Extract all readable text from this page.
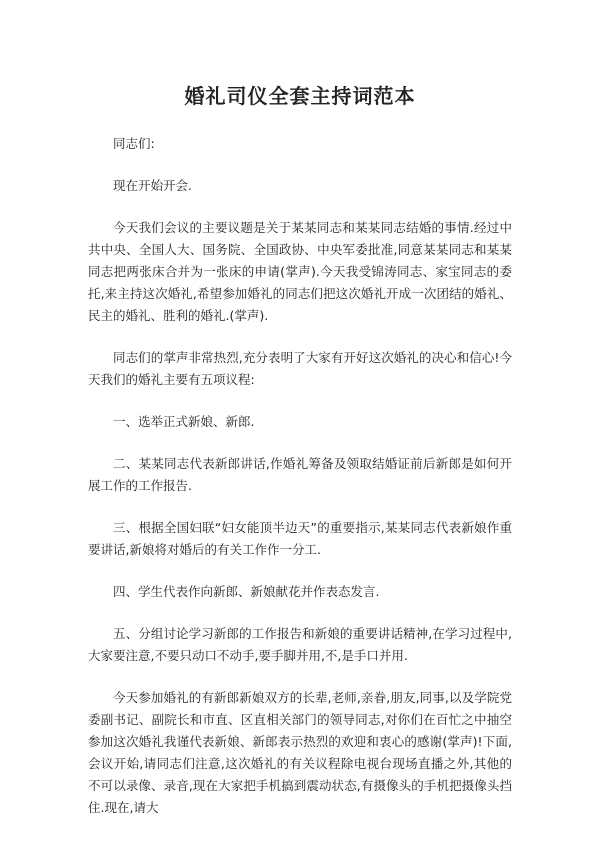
婚礼司仪全套主持词范本

同志们:

现在开始开会.

今天我们会议的主要议题是关于某某同志和某某同志结婚的事情.经过中共中央、全国人大、国务院、全国政协、中央军委批准,同意某某同志和某某同志把两张床合并为一张床的申请(掌声).今天我受锦涛同志、家宝同志的委托,来主持这次婚礼,希望参加婚礼的同志们把这次婚礼开成一次团结的婚礼、民主的婚礼、胜利的婚礼.(掌声).

同志们的掌声非常热烈,充分表明了大家有开好这次婚礼的决心和信心!今天我们的婚礼主要有五项议程:

一、选举正式新娘、新郎.

二、某某同志代表新郎讲话,作婚礼筹备及领取结婚证前后新郎是如何开展工作的工作报告.

三、根据全国妇联“妇女能顶半边天”的重要指示,某某同志代表新娘作重要讲话,新娘将对婚后的有关工作作一分工.

四、学生代表作向新郎、新娘献花并作表态发言.

五、分组讨论学习新郎的工作报告和新娘的重要讲话精神,在学习过程中,大家要注意,不要只动口不动手,要手脚并用,不,是手口并用.

今天参加婚礼的有新郎新娘双方的长辈,老师,亲眷,朋友,同事,以及学院党委副书记、副院长和市直、区直相关部门的领导同志,对你们在百忙之中抽空参加这次婚礼我谨代表新娘、新郎表示热烈的欢迎和衷心的感谢(掌声)!下面,会议开始,请同志们注意,这次婚礼的有关议程除电视台现场直播之外,其他的不可以录像、录音,现在大家把手机搞到震动状态,有摄像头的手机把摄像头挡住.现在,请大
